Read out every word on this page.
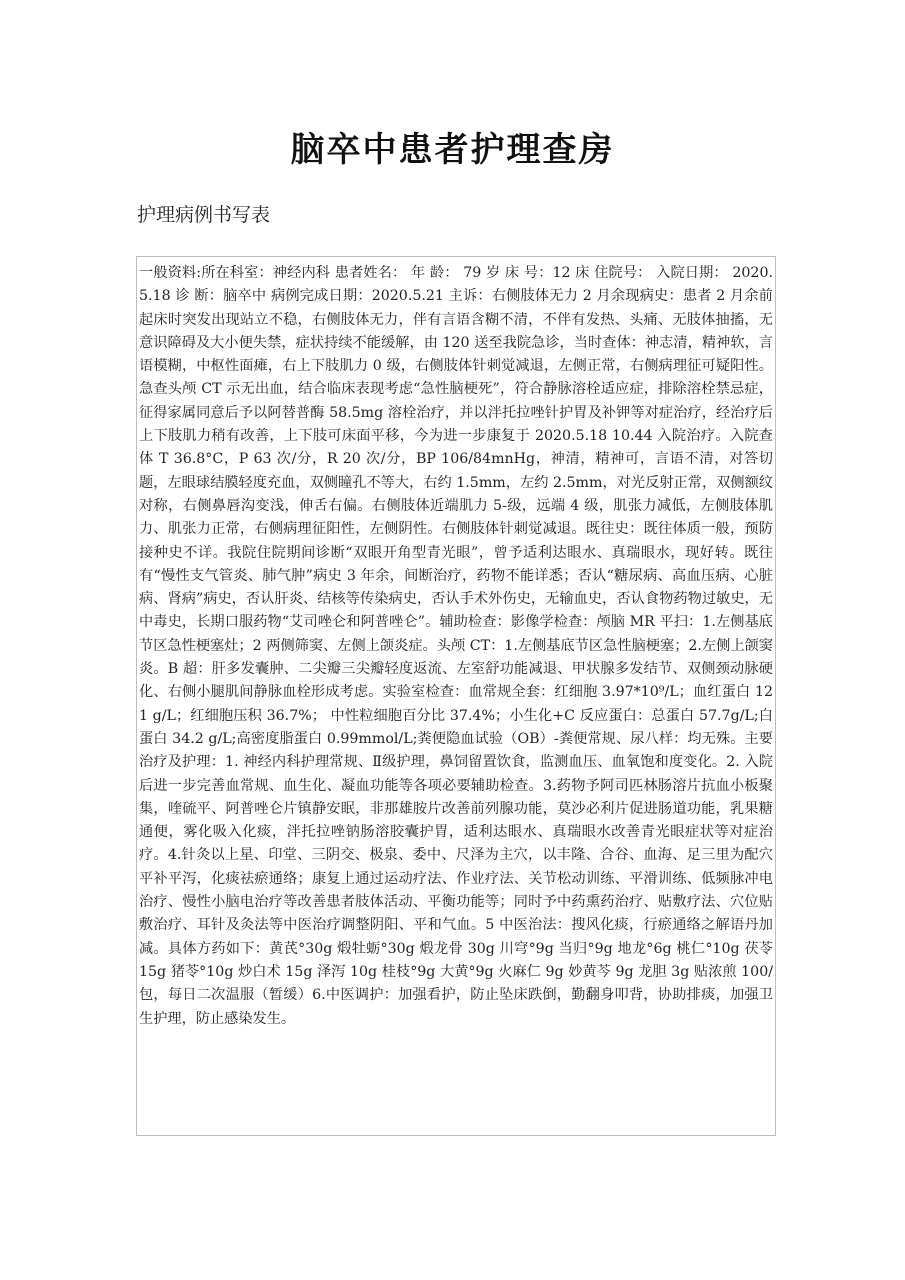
脑卒中患者护理查房
护理病例书写表

一般资料:所在科室：神经内科 患者姓名： 年 龄： 79 岁 床 号：12 床 住院号： 入院日期： 2020.5.18 诊 断：脑卒中 病例完成日期：2020.5.21 主诉：右侧肢体无力 2 月余现病史：患者 2 月余前起床时突发出现站立不稳，右侧肢体无力，伴有言语含糊不清，不伴有发热、头痛、无肢体抽搐，无意识障碍及大小便失禁，症状持续不能缓解，由 120 送至我院急诊，当时查体：神志清，精神软，言语模糊，中枢性面瘫，右上下肢肌力 0 级，右侧肢体针刺觉减退，左侧正常，右侧病理征可疑阳性。急查头颅 CT 示无出血，结合临床表现考虑“急性脑梗死”，符合静脉溶栓适应症，排除溶栓禁忌症，征得家属同意后予以阿替普酶 58.5mg 溶栓治疗，并以泮托拉唑针护胃及补钾等对症治疗，经治疗后上下肢肌力稍有改善，上下肢可床面平移，今为进一步康复于 2020.5.18 10.44 入院治疗。入院查体 T 36.8°C，P 63 次/分，R 20 次/分，BP 106/84mnHg，神清，精神可，言语不清，对答切题，左眼球结膜轻度充血，双侧瞳孔不等大，右约 1.5mm，左约 2.5mm，对光反射正常，双侧额纹对称，右侧鼻唇沟变浅，伸舌右偏。右侧肢体近端肌力 5-级，远端 4 级，肌张力减低，左侧肢体肌力、肌张力正常，右侧病理征阳性，左侧阴性。右侧肢体针刺觉减退。既往史：既往体质一般，预防接种史不详。我院住院期间诊断“双眼开角型青光眼”，曾予适利达眼水、真瑞眼水，现好转。既往有“慢性支气管炎、肺气肿”病史 3 年余，间断治疗，药物不能详悉；否认“糖尿病、高血压病、心脏病、肾病”病史，否认肝炎、结核等传染病史，否认手术外伤史，无输血史，否认食物药物过敏史，无中毒史，长期口服药物“艾司唑仑和阿普唑仑”。辅助检查：影像学检查：颅脑 MR 平扫：1.左侧基底节区急性梗塞灶；2 两侧筛窦、左侧上颌炎症。头颅 CT：1.左侧基底节区急性脑梗塞；2.左侧上颌窦炎。B 超：肝多发囊肿、二尖瓣三尖瓣轻度返流、左室舒功能减退、甲状腺多发结节、双侧颈动脉硬化、右侧小腿肌间静脉血栓形成考虑。实验室检查：血常规全套：红细胞 3.97*10⁹/L；血红蛋白 121 g/L；红细胞压积 36.7%； 中性粒细胞百分比 37.4%；小生化+C 反应蛋白：总蛋白 57.7g/L;白蛋白 34.2 g/L;高密度脂蛋白 0.99mmol/L;粪便隐血试验（OB）-粪便常规、尿八样：均无殊。主要治疗及护理：1. 神经内科护理常规、Ⅱ级护理，鼻饲留置饮食，监测血压、血氧饱和度变化。2. 入院后进一步完善血常规、血生化、凝血功能等各项必要辅助检查。3.药物予阿司匹林肠溶片抗血小板聚集，喹硫平、阿普唑仑片镇静安眠，非那雄胺片改善前列腺功能，莫沙必利片促进肠道功能，乳果糖通便，雾化吸入化痰，泮托拉唑钠肠溶胶囊护胃，适利达眼水、真瑞眼水改善青光眼症状等对症治疗。4.针灸以上星、印堂、三阴交、极泉、委中、尺泽为主穴，以丰隆、合谷、血海、足三里为配穴平补平泻，化痰祛瘀通络；康复上通过运动疗法、作业疗法、关节松动训练、平滑训练、低频脉冲电治疗、慢性小脑电治疗等改善患者肢体活动、平衡功能等；同时予中药熏药治疗、贴敷疗法、穴位贴敷治疗、耳针及灸法等中医治疗调整阴阳、平和气血。5 中医治法：搜风化痰，行瘀通络之解语丹加减。具体方药如下：黄芪°30g 煅牡蛎°30g 煅龙骨 30g 川穹°9g 当归°9g 地龙°6g 桃仁°10g 茯苓 15g 猪苓°10g 炒白术 15g 泽泻 10g 桂枝°9g 大黄°9g 火麻仁 9g 妙黄芩 9g 龙胆 3g 贴浓煎 100/包，每日二次温服（暂缓）6.中医调护：加强看护，防止坠床跌倒，勤翻身叩背，协助排痰，加强卫生护理，防止感染发生。
